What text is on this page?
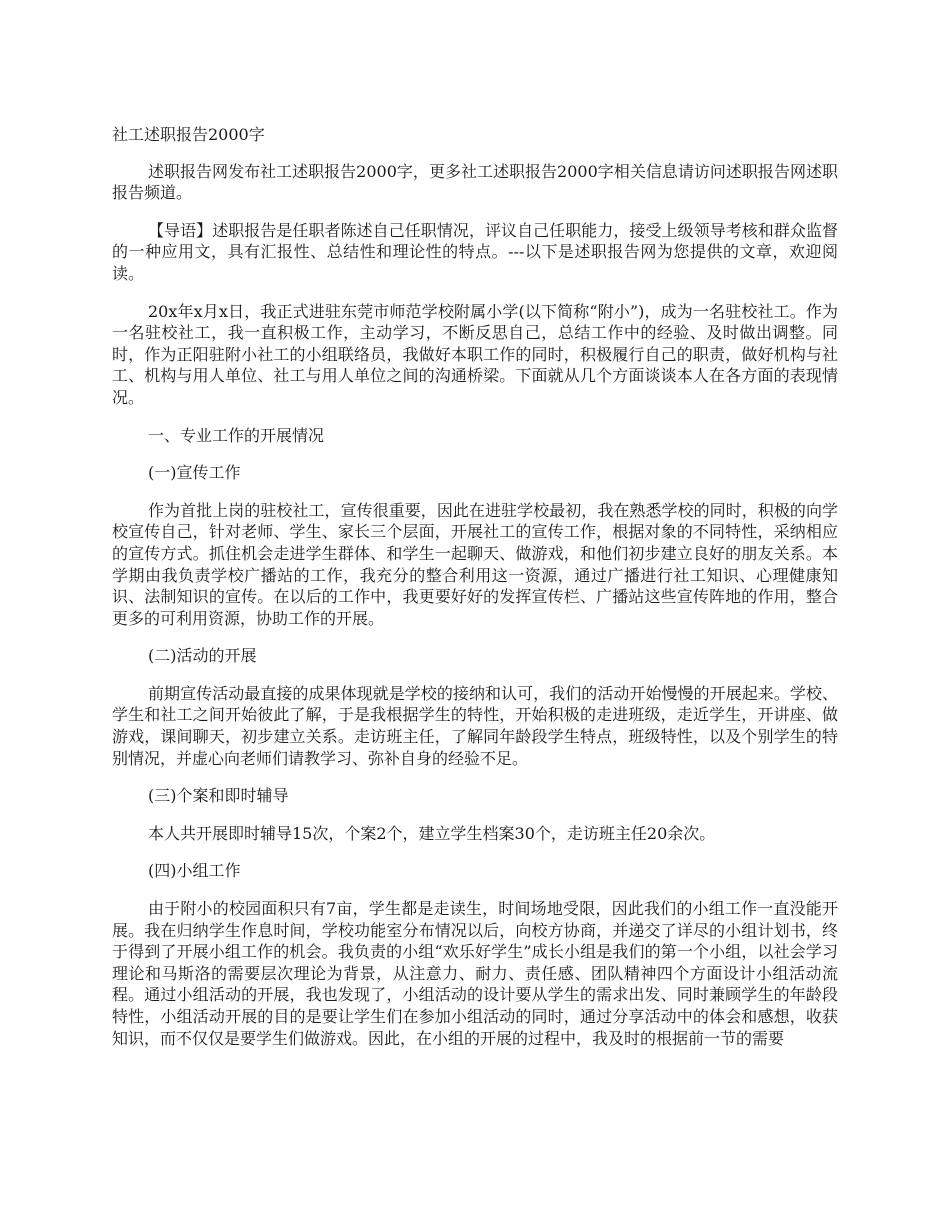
社工述职报告2000字

述职报告网发布社工述职报告2000字，更多社工述职报告2000字相关信息请访问述职报告网述职报告频道。

【导语】述职报告是任职者陈述自己任职情况，评议自己任职能力，接受上级领导考核和群众监督的一种应用文，具有汇报性、总结性和理论性的特点。---以下是述职报告网为您提供的文章，欢迎阅读。

20x年x月x日，我正式进驻东莞市师范学校附属小学(以下简称“附小”)，成为一名驻校社工。作为一名驻校社工，我一直积极工作，主动学习，不断反思自己，总结工作中的经验、及时做出调整。同时，作为正阳驻附小社工的小组联络员，我做好本职工作的同时，积极履行自己的职责，做好机构与社工、机构与用人单位、社工与用人单位之间的沟通桥梁。下面就从几个方面谈谈本人在各方面的表现情况。

一、专业工作的开展情况

(一)宣传工作

作为首批上岗的驻校社工，宣传很重要，因此在进驻学校最初，我在熟悉学校的同时，积极的向学校宣传自己，针对老师、学生、家长三个层面，开展社工的宣传工作，根据对象的不同特性，采纳相应的宣传方式。抓住机会走进学生群体、和学生一起聊天、做游戏，和他们初步建立良好的朋友关系。本学期由我负责学校广播站的工作，我充分的整合利用这一资源，通过广播进行社工知识、心理健康知识、法制知识的宣传。在以后的工作中，我更要好好的发挥宣传栏、广播站这些宣传阵地的作用，整合更多的可利用资源，协助工作的开展。

(二)活动的开展

前期宣传活动最直接的成果体现就是学校的接纳和认可，我们的活动开始慢慢的开展起来。学校、学生和社工之间开始彼此了解，于是我根据学生的特性，开始积极的走进班级，走近学生，开讲座、做游戏，课间聊天，初步建立关系。走访班主任，了解同年龄段学生特点，班级特性，以及个别学生的特别情况，并虚心向老师们请教学习、弥补自身的经验不足。

(三)个案和即时辅导

本人共开展即时辅导15次，个案2个，建立学生档案30个，走访班主任20余次。

(四)小组工作

由于附小的校园面积只有7亩，学生都是走读生，时间场地受限，因此我们的小组工作一直没能开展。我在归纳学生作息时间，学校功能室分布情况以后，向校方协商，并递交了详尽的小组计划书，终于得到了开展小组工作的机会。我负责的小组“欢乐好学生”成长小组是我们的第一个小组，以社会学习理论和马斯洛的需要层次理论为背景，从注意力、耐力、责任感、团队精神四个方面设计小组活动流程。通过小组活动的开展，我也发现了，小组活动的设计要从学生的需求出发、同时兼顾学生的年龄段特性，小组活动开展的目的是要让学生们在参加小组活动的同时，通过分享活动中的体会和感想，收获知识，而不仅仅是要学生们做游戏。因此，在小组的开展的过程中，我及时的根据前一节的需要
